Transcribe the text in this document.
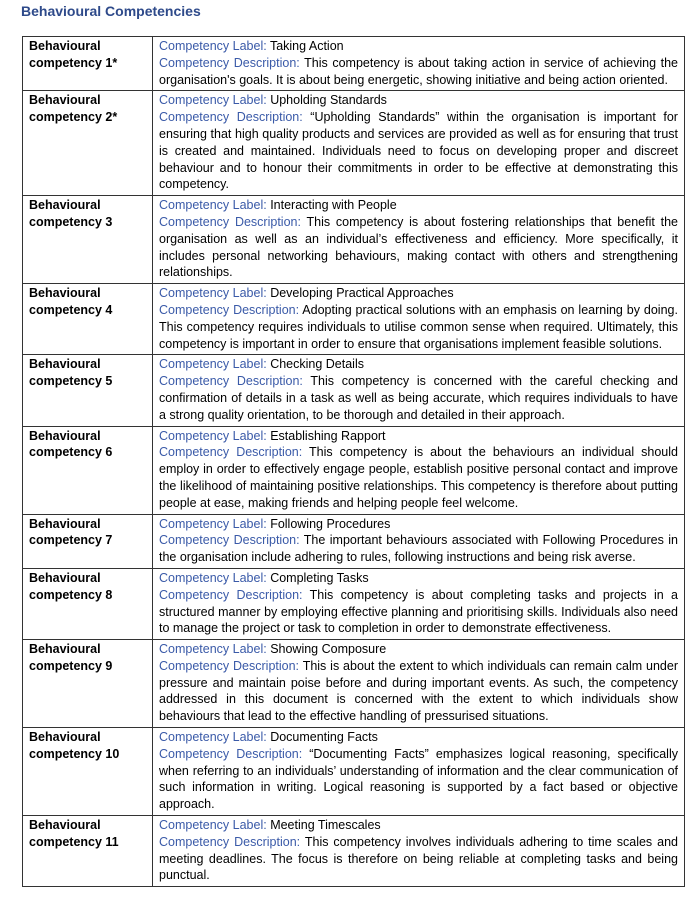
Behavioural Competencies
Behavioural competency 1*	Competency Label: Taking Action
Competency Description: This competency is about taking action in service of achieving the organisation's goals. It is about being energetic, showing initiative and being action oriented.

Behavioural competency 2*	Competency Label: Upholding Standards
Competency Description: “Upholding Standards” within the organisation is important for ensuring that high quality products and services are provided as well as for ensuring that trust is created and maintained. Individuals need to focus on developing proper and discreet behaviour and to honour their commitments in order to be effective at demonstrating this competency.

Behavioural competency 3	Competency Label: Interacting with People
Competency Description: This competency is about fostering relationships that benefit the organisation as well as an individual’s effectiveness and efficiency. More specifically, it includes personal networking behaviours, making contact with others and strengthening relationships.

Behavioural competency 4	Competency Label: Developing Practical Approaches
Competency Description: Adopting practical solutions with an emphasis on learning by doing. This competency requires individuals to utilise common sense when required. Ultimately, this competency is important in order to ensure that organisations implement feasible solutions.

Behavioural competency 5	Competency Label: Checking Details
Competency Description: This competency is concerned with the careful checking and confirmation of details in a task as well as being accurate, which requires individuals to have a strong quality orientation, to be thorough and detailed in their approach.

Behavioural competency 6	Competency Label: Establishing Rapport
Competency Description: This competency is about the behaviours an individual should employ in order to effectively engage people, establish positive personal contact and improve the likelihood of maintaining positive relationships. This competency is therefore about putting people at ease, making friends and helping people feel welcome.

Behavioural competency 7	Competency Label: Following Procedures
Competency Description: The important behaviours associated with Following Procedures in the organisation include adhering to rules, following instructions and being risk averse.

Behavioural competency 8	Competency Label: Completing Tasks
Competency Description: This competency is about completing tasks and projects in a structured manner by employing effective planning and prioritising skills. Individuals also need to manage the project or task to completion in order to demonstrate effectiveness.

Behavioural competency 9	Competency Label: Showing Composure
Competency Description: This is about the extent to which individuals can remain calm under pressure and maintain poise before and during important events. As such, the competency addressed in this document is concerned with the extent to which individuals show behaviours that lead to the effective handling of pressurised situations.

Behavioural competency 10	Competency Label: Documenting Facts
Competency Description: “Documenting Facts” emphasizes logical reasoning, specifically when referring to an individuals’ understanding of information and the clear communication of such information in writing. Logical reasoning is supported by a fact based or objective approach.

Behavioural competency 11	Competency Label: Meeting Timescales
Competency Description: This competency involves individuals adhering to time scales and meeting deadlines. The focus is therefore on being reliable at completing tasks and being punctual.
